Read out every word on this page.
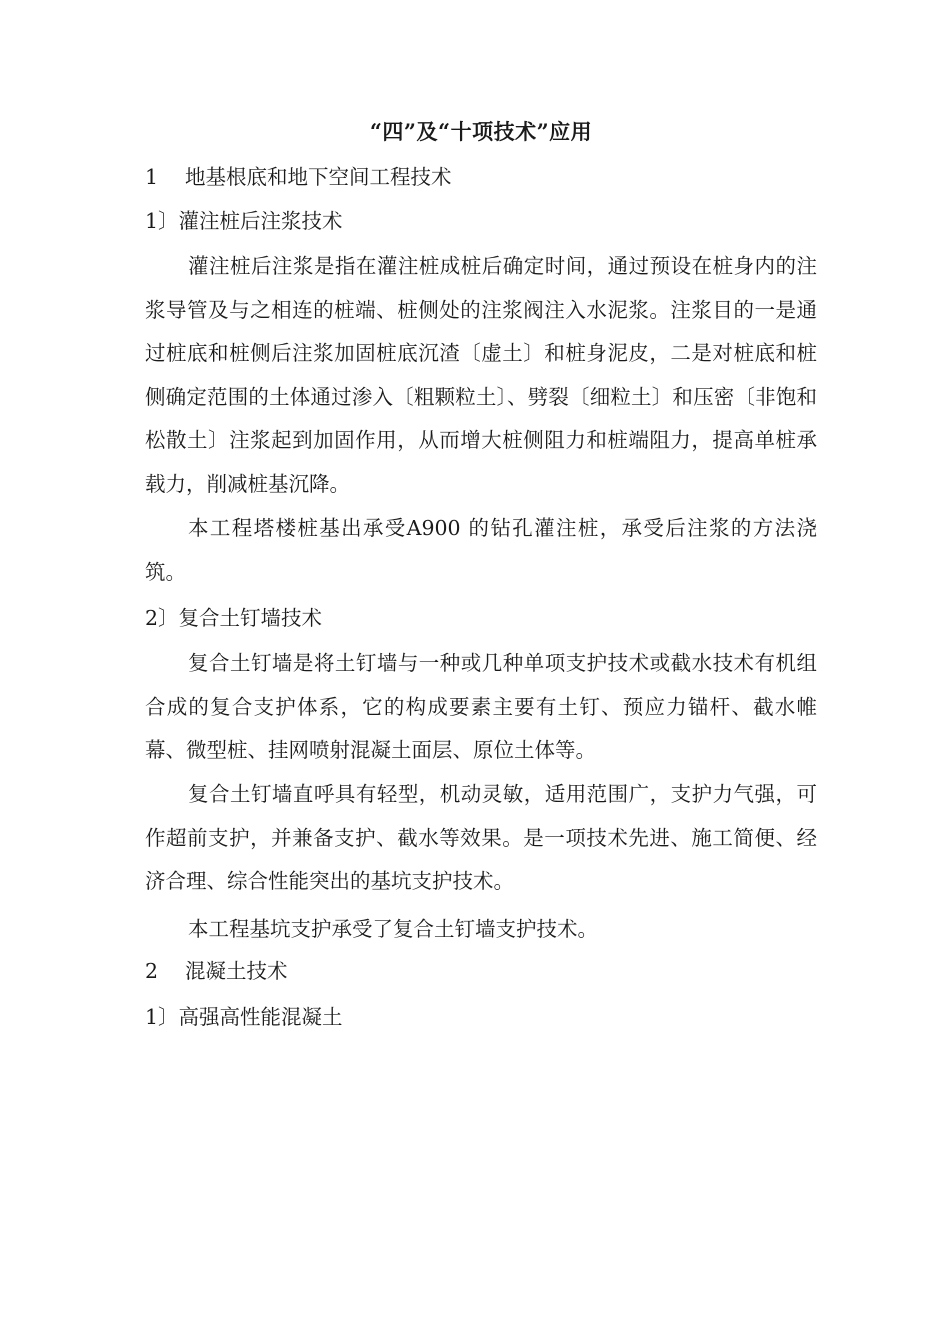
“四”及“十项技术”应用
1 地基根底和地下空间工程技术
1〕灌注桩后注浆技术
灌注桩后注浆是指在灌注桩成桩后确定时间，通过预设在桩身内的注浆导管及与之相连的桩端、桩侧处的注浆阀注入水泥浆。注浆目的一是通过桩底和桩侧后注浆加固桩底沉渣〔虚土〕和桩身泥皮，二是对桩底和桩侧确定范围的土体通过渗入〔粗颗粒土〕、劈裂〔细粒土〕和压密〔非饱和松散土〕注浆起到加固作用，从而增大桩侧阻力和桩端阻力，提高单桩承载力，削减桩基沉降。
本工程塔楼桩基出承受A900 的钻孔灌注桩，承受后注浆的方法浇筑。
2〕复合土钉墙技术
复合土钉墙是将土钉墙与一种或几种单项支护技术或截水技术有机组合成的复合支护体系，它的构成要素主要有土钉、预应力锚杆、截水帷幕、微型桩、挂网喷射混凝土面层、原位土体等。
复合土钉墙直呼具有轻型，机动灵敏，适用范围广，支护力气强，可作超前支护，并兼备支护、截水等效果。是一项技术先进、施工简便、经济合理、综合性能突出的基坑支护技术。
本工程基坑支护承受了复合土钉墙支护技术。
2 混凝土技术
1〕高强高性能混凝土
